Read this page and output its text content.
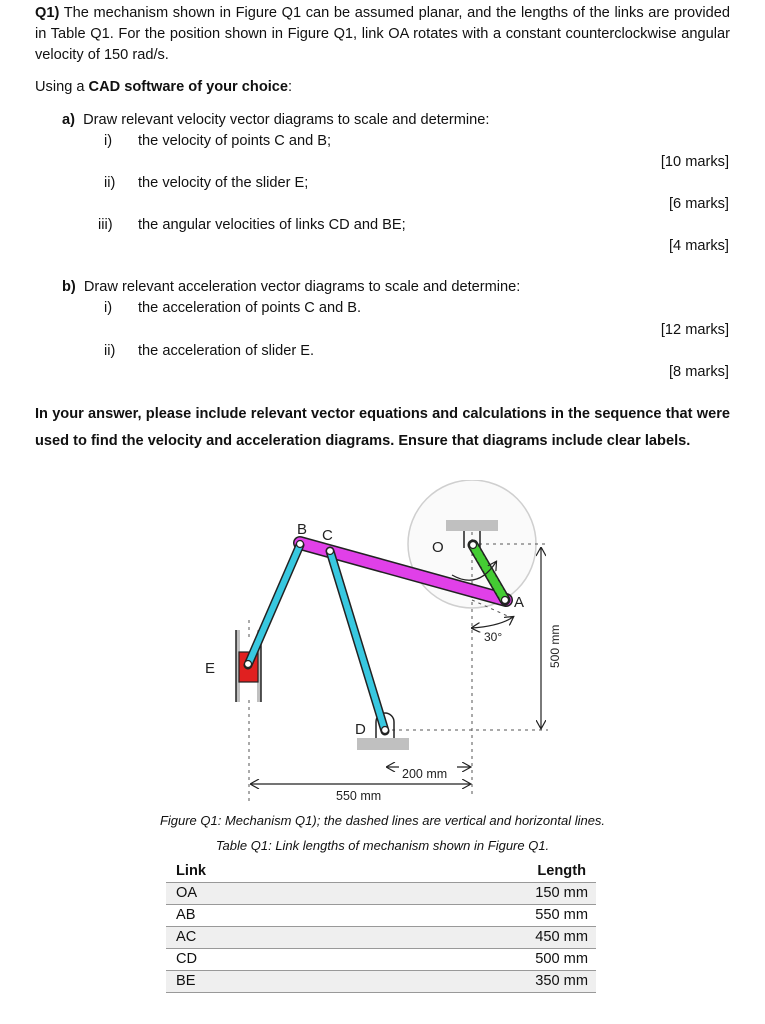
Q1) The mechanism shown in Figure Q1 can be assumed planar, and the lengths of the links are provided in Table Q1. For the position shown in Figure Q1, link OA rotates with a constant counterclockwise angular velocity of 150 rad/s.
Using a CAD software of your choice:
a) Draw relevant velocity vector diagrams to scale and determine:
i) the velocity of points C and B;
[10 marks]
ii) the velocity of the slider E;
[6 marks]
iii) the angular velocities of links CD and BE;
[4 marks]
b) Draw relevant acceleration vector diagrams to scale and determine:
i) the acceleration of points C and B.
[12 marks]
ii) the acceleration of slider E.
[8 marks]
In your answer, please include relevant vector equations and calculations in the sequence that were used to find the velocity and acceleration diagrams. Ensure that diagrams include clear labels.
30°	500 mm
200 mm
550 mm
B C
O
A
E
D
Figure Q1: Mechanism Q1); the dashed lines are vertical and horizontal lines.
Table Q1: Link lengths of mechanism shown in Figure Q1.
Link	Length
OA	150 mm
AB	550 mm
AC	450 mm
CD	500 mm
BE	350 mm
